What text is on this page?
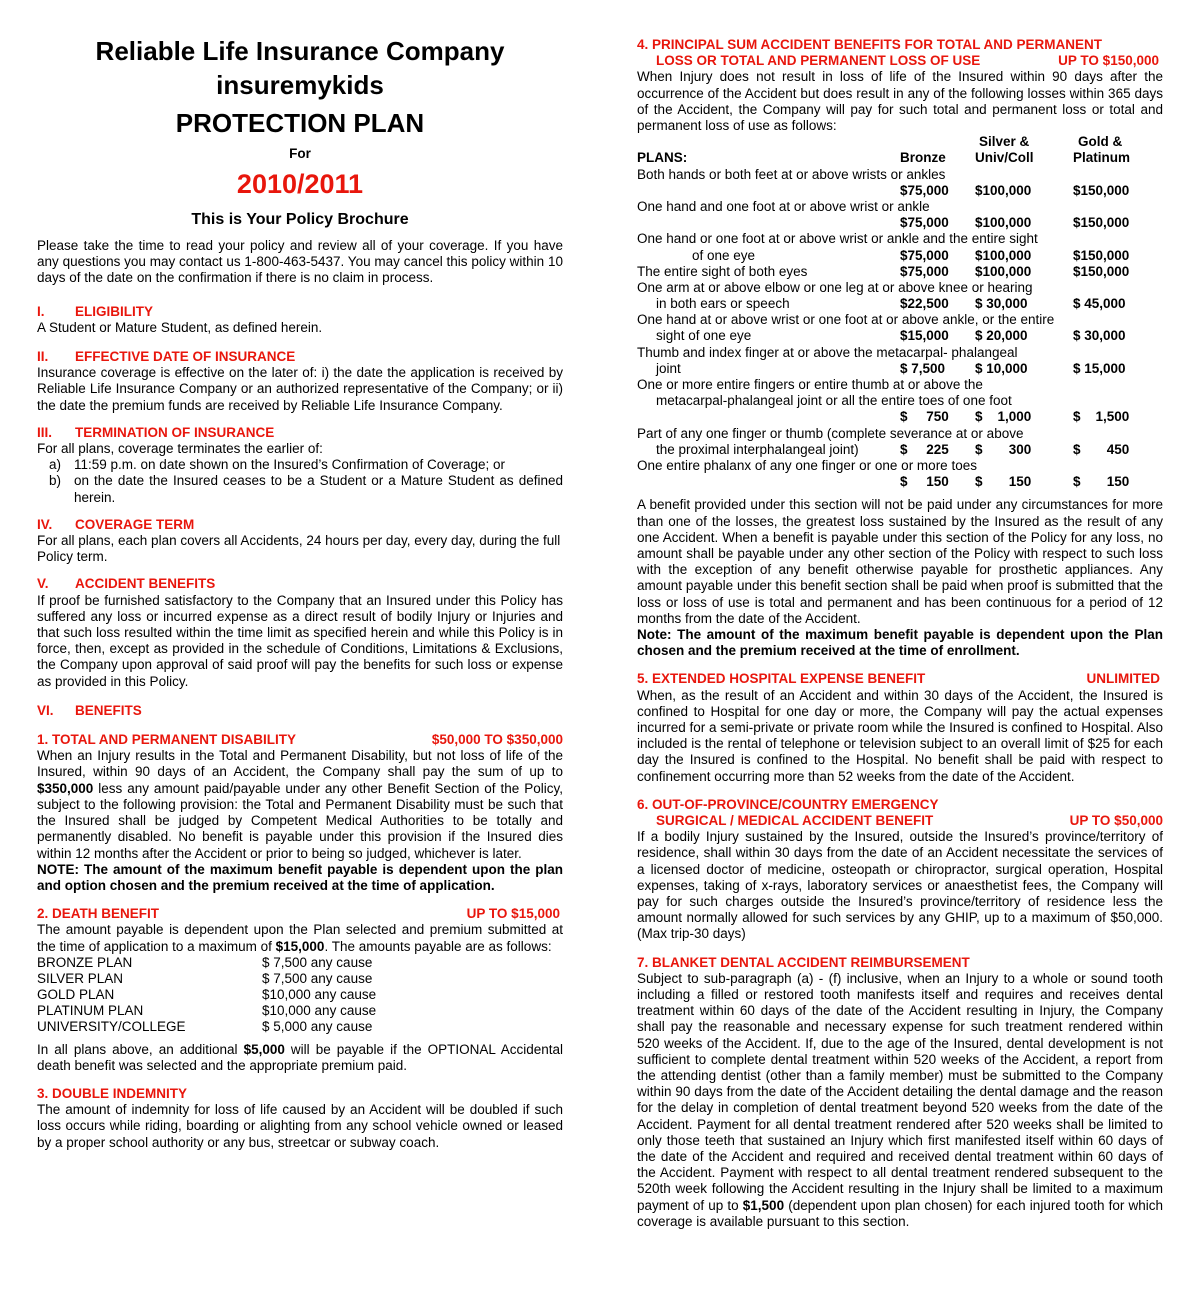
Reliable Life Insurance Company
insuremykids
PROTECTION PLAN
For
2010/2011
This is Your Policy Brochure

Please take the time to read your policy and review all of your coverage. If you have any questions you may contact us 1-800-463-5437. You may cancel this policy within 10 days of the date on the confirmation if there is no claim in process.

I. ELIGIBILITY

A Student or Mature Student, as defined herein.

II. EFFECTIVE DATE OF INSURANCE

Insurance coverage is effective on the later of: i) the date the application is received by Reliable Life Insurance Company or an authorized representative of the Company; or ii) the date the premium funds are received by Reliable Life Insurance Company.

III. TERMINATION OF INSURANCE

For all plans, coverage terminates the earlier of:

a) 11:59 p.m. on date shown on the Insured’s Confirmation of Coverage; or
b) on the date the Insured ceases to be a Student or a Mature Student as defined herein.
IV. COVERAGE TERM

For all plans, each plan covers all Accidents, 24 hours per day, every day, during the full Policy term.

V. ACCIDENT BENEFITS

If proof be furnished satisfactory to the Company that an Insured under this Policy has suffered any loss or incurred expense as a direct result of bodily Injury or Injuries and that such loss resulted within the time limit as specified herein and while this Policy is in force, then, except as provided in the schedule of Conditions, Limitations & Exclusions, the Company upon approval of said proof will pay the benefits for such loss or expense as provided in this Policy.

VI. BENEFITS
1. TOTAL AND PERMANENT DISABILITY	$50,000 TO $350,000

When an Injury results in the Total and Permanent Disability, but not loss of life of the Insured, within 90 days of an Accident, the Company shall pay the sum of up to $350,000 less any amount paid/payable under any other Benefit Section of the Policy, subject to the following provision: the Total and Permanent Disability must be such that the Insured shall be judged by Competent Medical Authorities to be totally and permanently disabled. No benefit is payable under this provision if the Insured dies within 12 months after the Accident or prior to being so judged, whichever is later.

NOTE: The amount of the maximum benefit payable is dependent upon the plan and option chosen and the premium received at the time of application.

2. DEATH BENEFIT	UP TO $15,000

The amount payable is dependent upon the Plan selected and premium submitted at the time of application to a maximum of $15,000. The amounts payable are as follows:

BRONZE PLAN	$ 7,500 any cause
SILVER PLAN	$ 7,500 any cause
GOLD PLAN	$10,000 any cause
PLATINUM PLAN	$10,000 any cause
UNIVERSITY/COLLEGE	$ 5,000 any cause

In all plans above, an additional $5,000 will be payable if the OPTIONAL Accidental death benefit was selected and the appropriate premium paid.

3. DOUBLE INDEMNITY

The amount of indemnity for loss of life caused by an Accident will be doubled if such loss occurs while riding, boarding or alighting from any school vehicle owned or leased by a proper school authority or any bus, streetcar or subway coach.

4. PRINCIPAL SUM ACCIDENT BENEFITS FOR TOTAL AND PERMANENT
LOSS OR TOTAL AND PERMANENT LOSS OF USE	UP TO $150,000

When Injury does not result in loss of life of the Insured within 90 days after the occurrence of the Accident but does result in any of the following losses within 365 days of the Accident, the Company will pay for such total and permanent loss or total and permanent loss of use as follows:

Silver &	Gold &
PLANS:	Bronze Univ/Coll	Platinum
Both hands or both feet at or above wrists or ankles
$75,000 $100,000	$150,000
One hand and one foot at or above wrist or ankle
$75,000 $100,000	$150,000
One hand or one foot at or above wrist or ankle and the entire sight
of one eye	$75,000 $100,000	$150,000
The entire sight of both eyes	$75,000 $100,000	$150,000
One arm at or above elbow or one leg at or above knee or hearing
in both ears or speech	$22,500 $ 30,000	$ 45,000
One hand at or above wrist or one foot at or above ankle, or the entire
sight of one eye	$15,000 $ 20,000	$ 30,000
Thumb and index finger at or above the metacarpal- phalangeal
joint	$ 7,500 $ 10,000	$ 15,000
One or more entire fingers or entire thumb at or above the
metacarpal-phalangeal joint or all the entire toes of one foot
$     750 $    1,000	$    1,500
Part of any one finger or thumb (complete severance at or above
the proximal interphalangeal joint)	$     225 $       300	$       450
One entire phalanx of any one finger or one or more toes
$     150 $       150	$       150

A benefit provided under this section will not be paid under any circumstances for more than one of the losses, the greatest loss sustained by the Insured as the result of any one Accident. When a benefit is payable under this section of the Policy for any loss, no amount shall be payable under any other section of the Policy with respect to such loss with the exception of any benefit otherwise payable for prosthetic appliances. Any amount payable under this benefit section shall be paid when proof is submitted that the loss or loss of use is total and permanent and has been continuous for a period of 12 months from the date of the Accident.

Note: The amount of the maximum benefit payable is dependent upon the Plan chosen and the premium received at the time of enrollment.

5. EXTENDED HOSPITAL EXPENSE BENEFIT	UNLIMITED

When, as the result of an Accident and within 30 days of the Accident, the Insured is confined to Hospital for one day or more, the Company will pay the actual expenses incurred for a semi-private or private room while the Insured is confined to Hospital. Also included is the rental of telephone or television subject to an overall limit of $25 for each day the Insured is confined to the Hospital. No benefit shall be paid with respect to confinement occurring more than 52 weeks from the date of the Accident.

6. OUT-OF-PROVINCE/COUNTRY EMERGENCY
SURGICAL / MEDICAL ACCIDENT BENEFIT	UP TO $50,000

If a bodily Injury sustained by the Insured, outside the Insured’s province/territory of residence, shall within 30 days from the date of an Accident necessitate the services of a licensed doctor of medicine, osteopath or chiropractor, surgical operation, Hospital expenses, taking of x-rays, laboratory services or anaesthetist fees, the Company will pay for such charges outside the Insured’s province/territory of residence less the amount normally allowed for such services by any GHIP, up to a maximum of $50,000. (Max trip-30 days)

7. BLANKET DENTAL ACCIDENT REIMBURSEMENT

Subject to sub-paragraph (a) - (f) inclusive, when an Injury to a whole or sound tooth including a filled or restored tooth manifests itself and requires and receives dental treatment within 60 days of the date of the Accident resulting in Injury, the Company shall pay the reasonable and necessary expense for such treatment rendered within 520 weeks of the Accident. If, due to the age of the Insured, dental development is not sufficient to complete dental treatment within 520 weeks of the Accident, a report from the attending dentist (other than a family member) must be submitted to the Company within 90 days from the date of the Accident detailing the dental damage and the reason for the delay in completion of dental treatment beyond 520 weeks from the date of the Accident. Payment for all dental treatment rendered after 520 weeks shall be limited to only those teeth that sustained an Injury which first manifested itself within 60 days of the date of the Accident and required and received dental treatment within 60 days of the Accident. Payment with respect to all dental treatment rendered subsequent to the 520th week following the Accident resulting in the Injury shall be limited to a maximum payment of up to $1,500 (dependent upon plan chosen) for each injured tooth for which coverage is available pursuant to this section.
